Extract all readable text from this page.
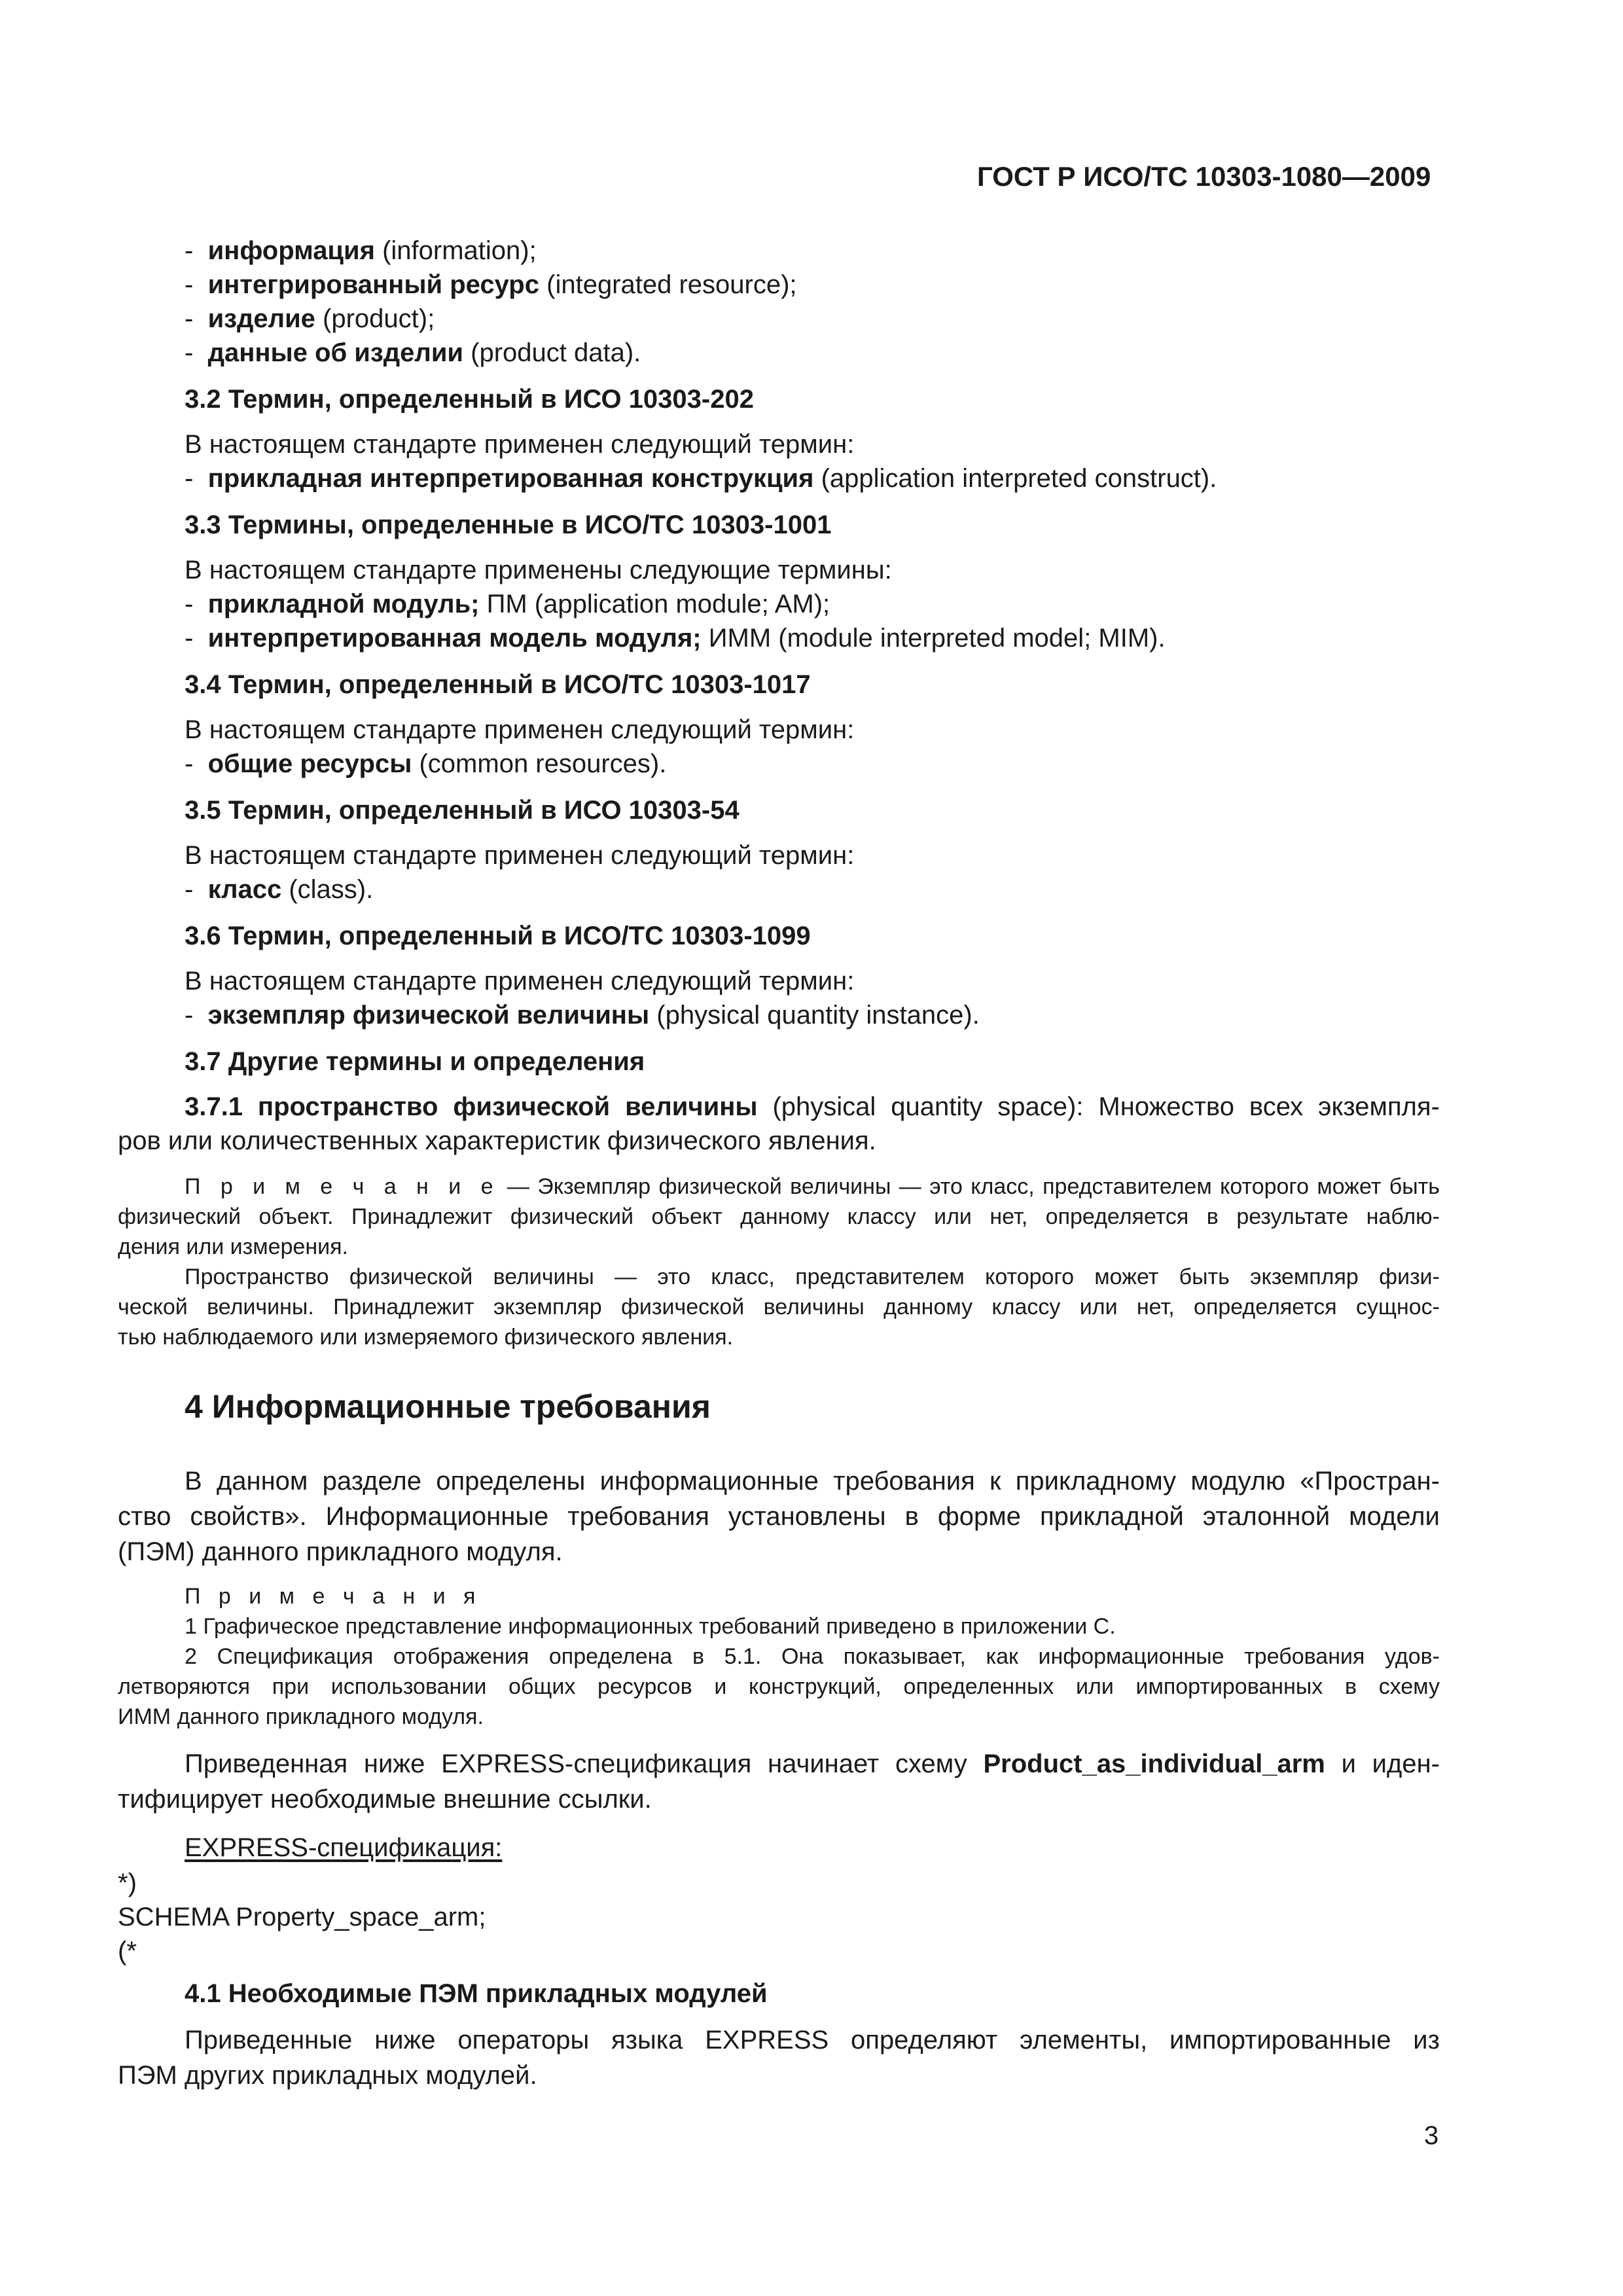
ГОСТ Р ИСО/ТС 10303-1080—2009
- информация (information);
- интегрированный ресурс (integrated resource);
- изделие (product);
- данные об изделии (product data).
3.2 Термин, определенный в ИСО 10303-202
В настоящем стандарте применен следующий термин:
- прикладная интерпретированная конструкция (application interpreted construct).
3.3 Термины, определенные в ИСО/ТС 10303-1001
В настоящем стандарте применены следующие термины:
- прикладной модуль; ПМ (application module; AM);
- интерпретированная модель модуля; ИММ (module interpreted model; MIM).
3.4 Термин, определенный в ИСО/ТС 10303-1017
В настоящем стандарте применен следующий термин:
- общие ресурсы (common resources).
3.5 Термин, определенный в ИСО 10303-54
В настоящем стандарте применен следующий термин:
- класс (class).
3.6 Термин, определенный в ИСО/ТС 10303-1099
В настоящем стандарте применен следующий термин:
- экземпляр физической величины (physical quantity instance).
3.7 Другие термины и определения
3.7.1 пространство физической величины (physical quantity space): Множество всех экземпля-
ров или количественных характеристик физического явления.
П р и м е ч а н и е — Экземпляр физической величины — это класс, представителем которого может быть
физический объект. Принадлежит физический объект данному классу или нет, определяется в результате наблю-
дения или измерения.
Пространство физической величины — это класс, представителем которого может быть экземпляр физи-
ческой величины. Принадлежит экземпляр физической величины данному классу или нет, определяется сущнос-
тью наблюдаемого или измеряемого физического явления.
4 Информационные требования
В данном разделе определены информационные требования к прикладному модулю «Простран-
ство свойств». Информационные требования установлены в форме прикладной эталонной модели
(ПЭМ) данного прикладного модуля.
П р и м е ч а н и я
1 Графическое представление информационных требований приведено в приложении С.
2 Спецификация отображения определена в 5.1. Она показывает, как информационные требования удов-
летворяются при использовании общих ресурсов и конструкций, определенных или импортированных в схему
ИММ данного прикладного модуля.
Приведенная ниже EXPRESS-спецификация начинает схему Product_as_individual_arm и иден-
тифицирует необходимые внешние ссылки.
EXPRESS-спецификация:
*)
SCHEMA Property_space_arm;
(*
4.1 Необходимые ПЭМ прикладных модулей
Приведенные ниже операторы языка EXPRESS определяют элементы, импортированные из
ПЭМ других прикладных модулей.
3
